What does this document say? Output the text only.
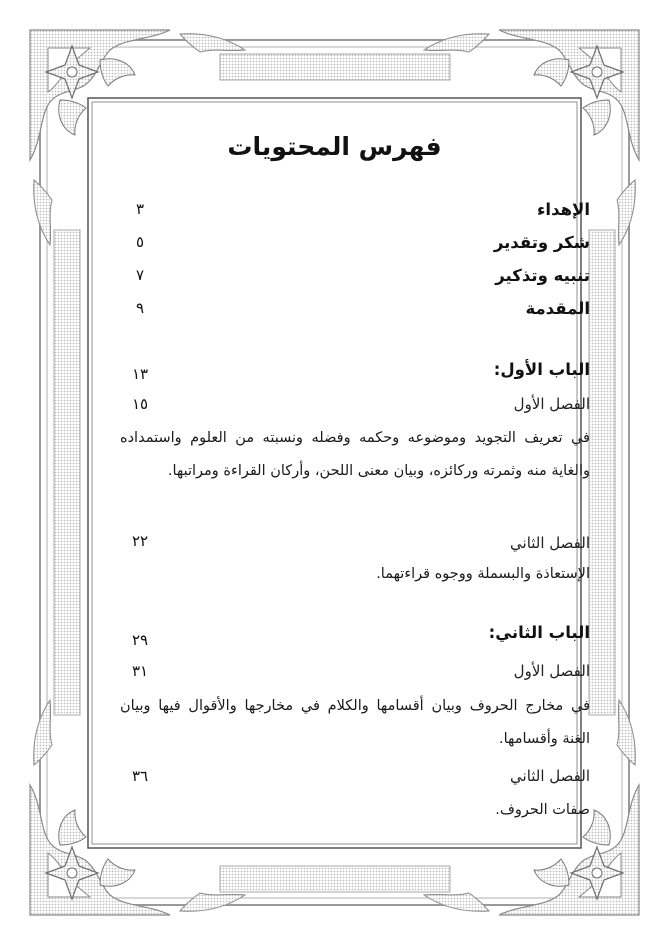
فهرس المحتويات
الإهداء
٣
شكر وتقدير
٥
تنبيه وتذكير
٧
المقدمة
٩
الباب الأول:
١٣
الفصل الأول
١٥
في تعريف التجويد وموضوعه وحكمه وفضله ونسبته من العلوم واستمداده والغاية منه وثمرته وركائزه، وبيان معنى اللحن، وأركان القراءة ومراتبها.
الفصل الثاني
٢٢
الإستعاذة والبسملة ووجوه قراءتهما.
الباب الثاني:
٢٩
الفصل الأول
٣١
في مخارج الحروف وبيان أقسامها والكلام في مخارجها والأقوال فيها وبيان الغنة وأقسامها.
الفصل الثاني
٣٦
صفات الحروف.
